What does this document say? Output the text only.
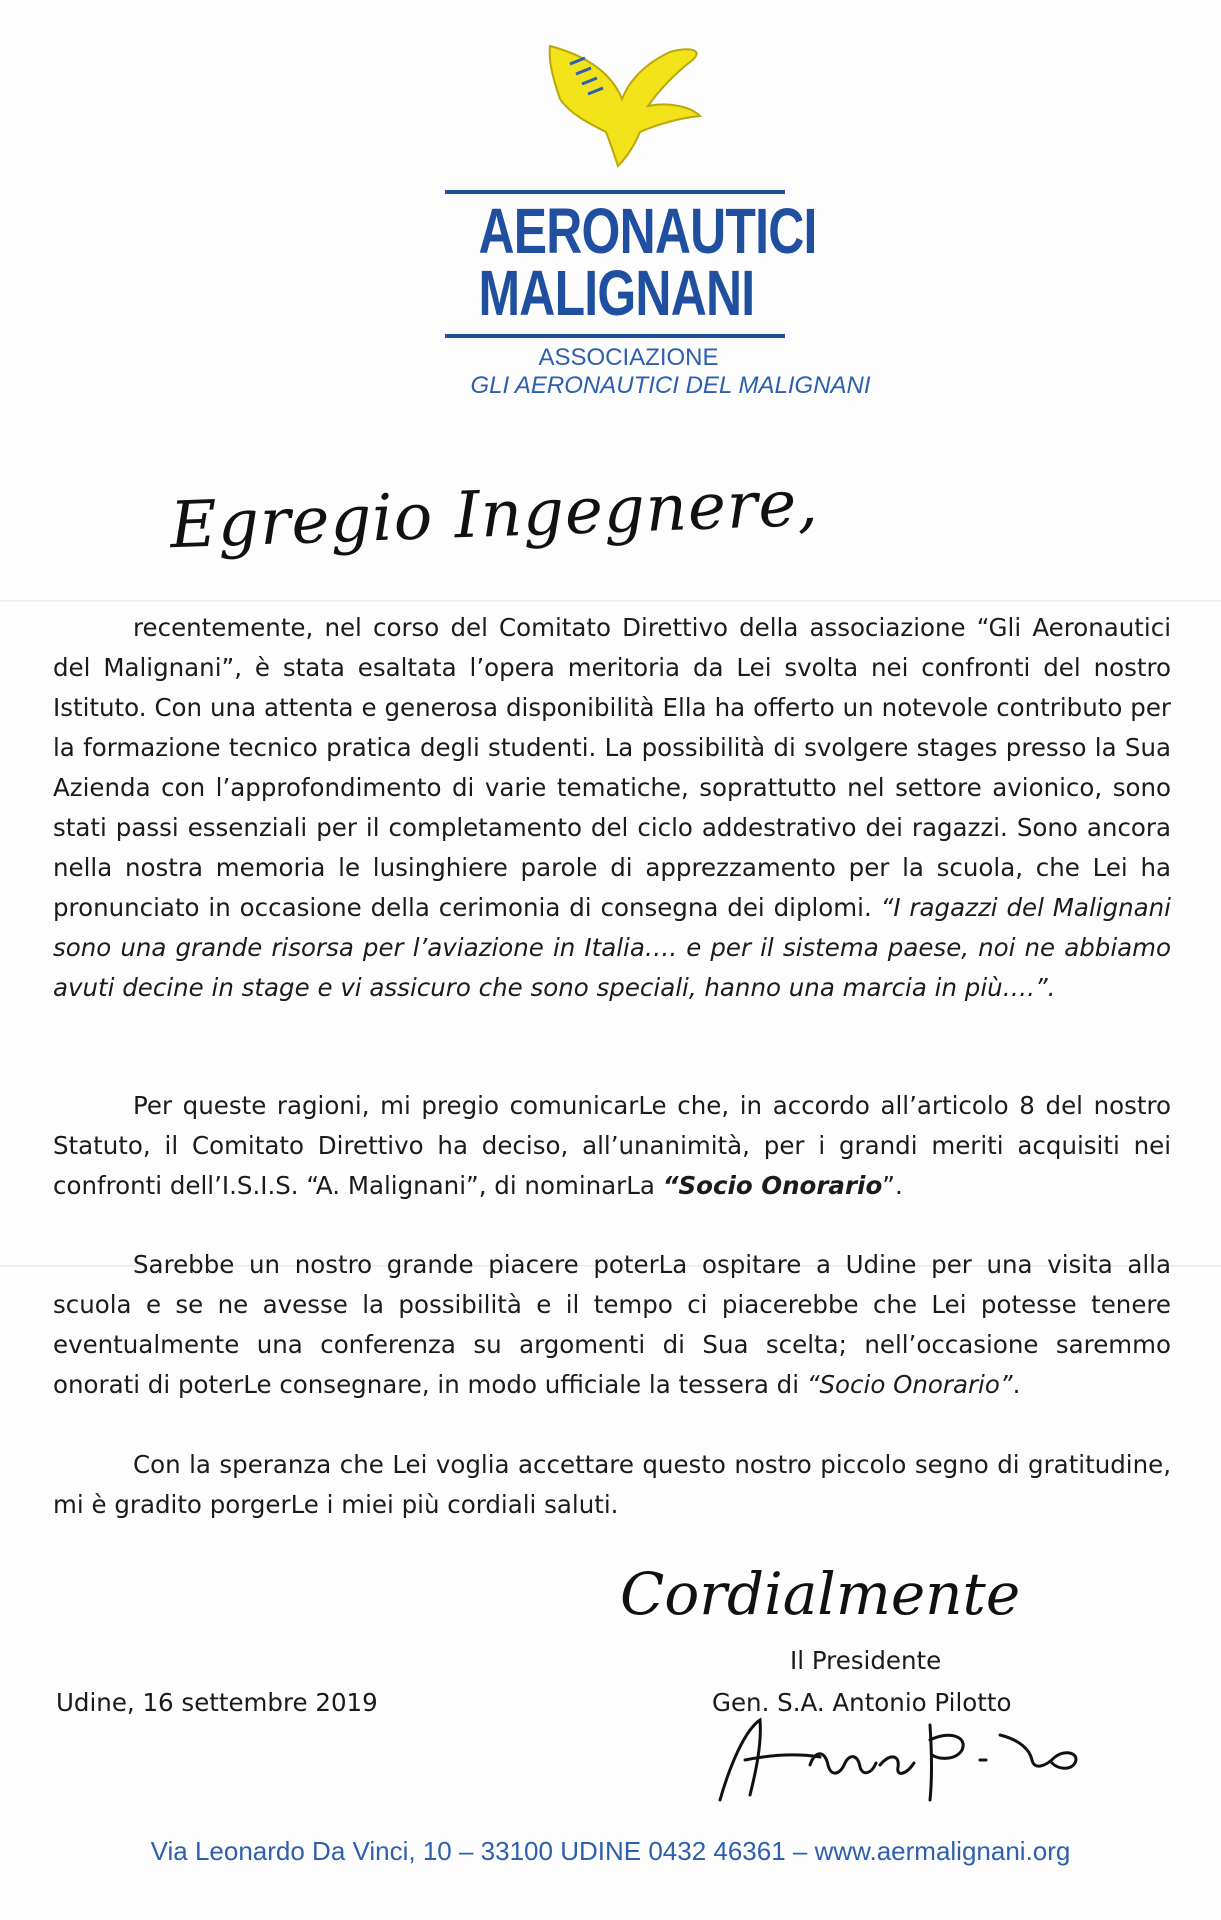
AERONAUTICI
MALIGNANI
ASSOCIAZIONE
GLI AERONAUTICI DEL MALIGNANI
Egregio Ingegnere,

recentemente, nel corso del Comitato Direttivo della associazione “Gli Aeronautici del Malignani”, è stata esaltata l’opera meritoria da Lei svolta nei confronti del nostro Istituto. Con una attenta e generosa disponibilità Ella ha offerto un notevole contributo per la formazione tecnico pratica degli studenti. La possibilità di svolgere stages presso la Sua Azienda con l’approfondimento di varie tematiche, soprattutto nel settore avionico, sono stati passi essenziali per il completamento del ciclo addestrativo dei ragazzi. Sono ancora nella nostra memoria le lusinghiere parole di apprezzamento per la scuola, che Lei ha pronunciato in occasione della cerimonia di consegna dei diplomi. “I ragazzi del Malignani sono una grande risorsa per l’aviazione in Italia…. e per il sistema paese, noi ne abbiamo avuti decine in stage e vi assicuro che sono speciali, hanno una marcia in più….”.

Per queste ragioni, mi pregio comunicarLe che, in accordo all’articolo 8 del nostro Statuto, il Comitato Direttivo ha deciso, all’unanimità, per i grandi meriti acquisiti nei confronti dell’I.S.I.S. “A. Malignani”, di nominarLa “Socio Onorario”.

Sarebbe un nostro grande piacere poterLa ospitare a Udine per una visita alla scuola e se ne avesse la possibilità e il tempo ci piacerebbe che Lei potesse tenere eventualmente una conferenza su argomenti di Sua scelta; nell’occasione saremmo onorati di poterLe consegnare, in modo ufficiale la tessera di “Socio Onorario”.

Con la speranza che Lei voglia accettare questo nostro piccolo segno di gratitudine, mi è gradito porgerLe i miei più cordiali saluti.

Cordialmente
Il Presidente
Udine, 16 settembre 2019	Gen. S.A. Antonio Pilotto
Via Leonardo Da Vinci, 10 – 33100 UDINE 0432 46361 – www.aermalignani.org
